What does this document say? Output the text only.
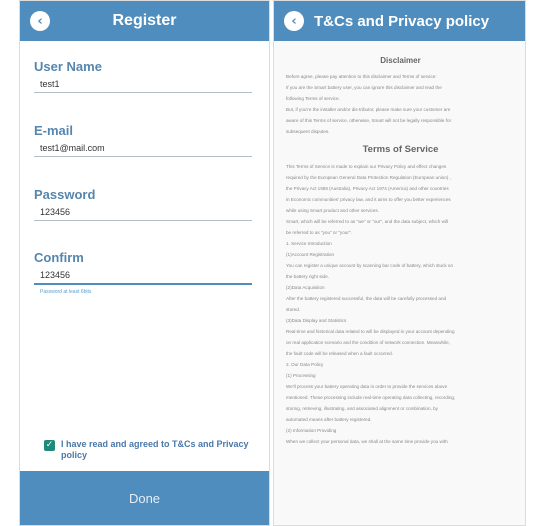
‹	Register
User Name
test1
E-mail
test1@mail.com
Password
123456
Confirm
123456
Password at least 6bits
✓ I have read and agreed to T&Cs and Privacy policy
Done
‹ T&Cs and Privacy policy
Disclaimer

Before agree, please pay attention to this disclaimer and Terms of service:

If you are the Smart battery user, you can ignore this disclaimer and read the

following Terms of service.

But, if you're the installer and/or dis-tributor, please make sure your customer are

aware of this Terms of service, otherwise, Smart will not be legally responsible for

subsequent disputes.

Terms of Service

This Terms of Service is made to explain our Privacy Policy and effect changes

required by the European General Data Protection Regulation (European union) ,

the Privacy Act 1988 (Australia), Privacy Act 1974 (America) and other countries

in Economic communities' privacy law, and it aims to offer you better experiences

while using Smart product and other services.

Smart, which will be referred to as "we" or "our", and the data subject, which will

be referred to as "you" or "your".

1. Service Introduction

(1)Account Registration

You can register a unique account by scanning bar code of battery, which stuck on

the battery right side.

(2)Data Acquisition

After the battery registered successful, the data will be carefully processed and

stored.

(3)Data Display and Statistics

Real-time and historical data related to will be displayed in your account depending

on real application scenario and the condition of network connection. Meanwhile,

the fault code will be released when a fault occurred.

2. Our Data Policy

(1) Processing

We'll process your battery operating data in order to provide the services above

mentioned. These processing include real-time operating data collecting, recording,

storing, retrieving, illustrating, and associated alignment or combination, by

automated means after battery registered.

(2) Information Providing

When we collect your personal data, we shall at the same time provide you with
